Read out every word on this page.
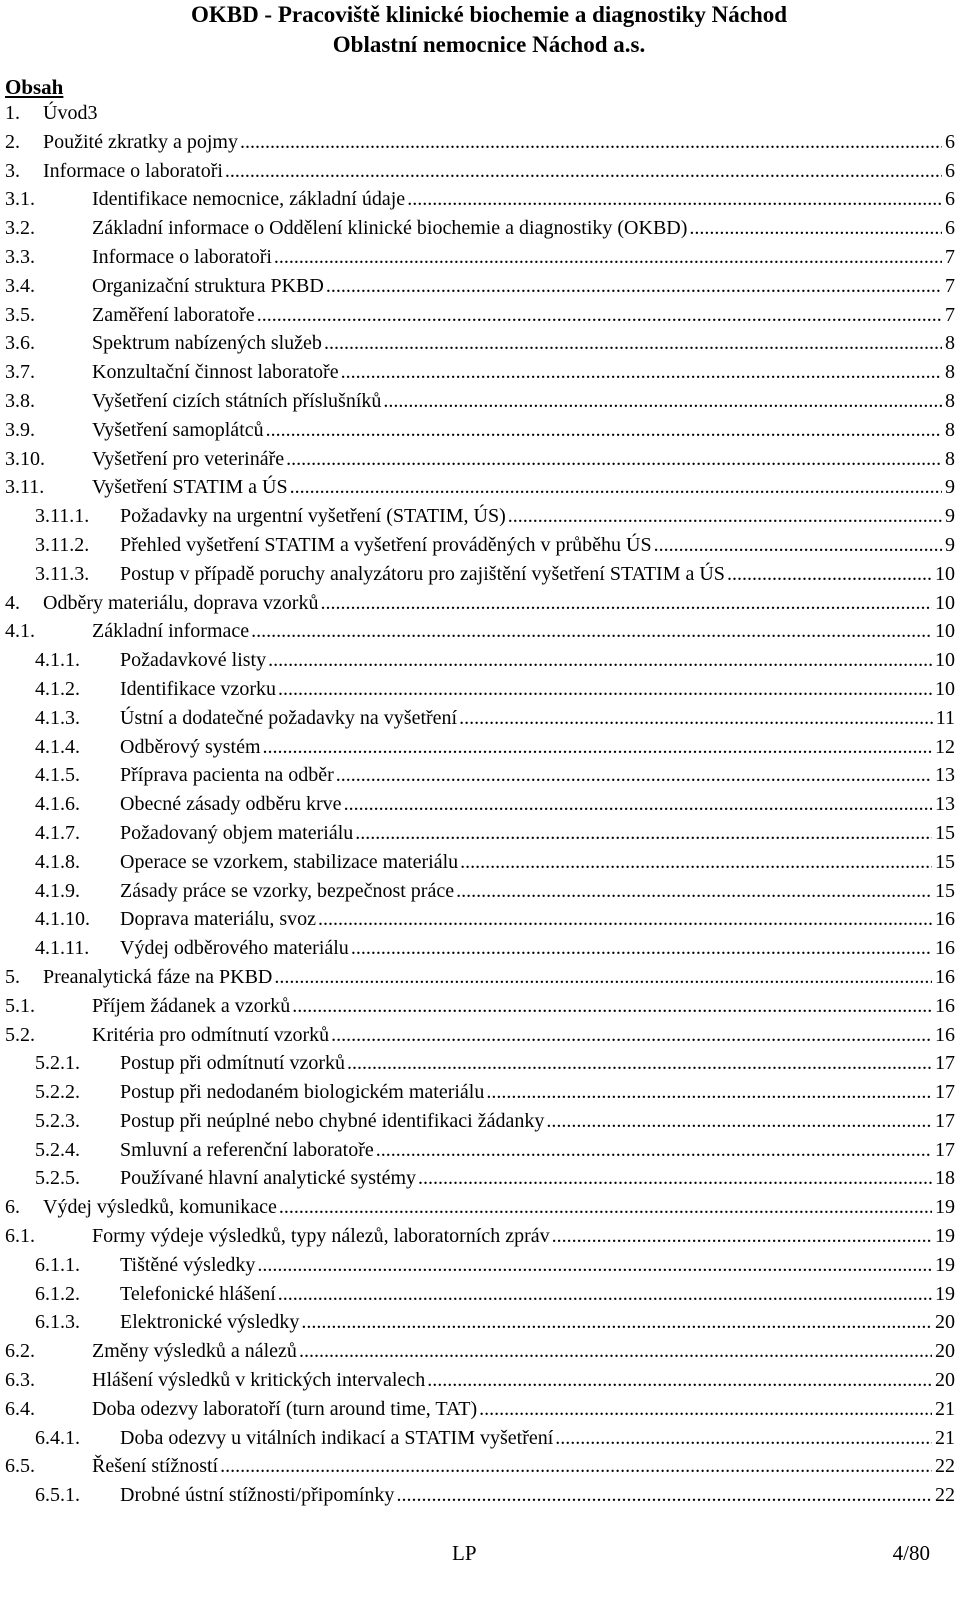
OKBD - Pracoviště klinické biochemie a diagnostiky Náchod
Oblastní nemocnice Náchod a.s.
Obsah
1. Úvod3
2. Použité zkratky a pojmy .....	6
3. Informace o laboratoři .....	6
3.1.	Identifikace nemocnice, základní údaje .....	6
3.2.	Základní informace o Oddělení klinické biochemie a diagnostiky (OKBD) .....	6
3.3.	Informace o laboratoři .....	7
3.4.	Organizační struktura PKBD .....	7
3.5.	Zaměření laboratoře .....	7
3.6.	Spektrum nabízených služeb .....	8
3.7.	Konzultační činnost laboratoře .....	8
3.8.	Vyšetření cizích státních příslušníků .....	8
3.9.	Vyšetření samoplátců .....	8
3.10. Vyšetření pro veterináře .....	8
3.11. Vyšetření STATIM a ÚS .....	9
3.11.1. Požadavky na urgentní vyšetření (STATIM, ÚS) .....	9
3.11.2. Přehled vyšetření STATIM a vyšetření prováděných v průběhu ÚS .....	9
3.11.3. Postup v případě poruchy analyzátoru pro zajištění vyšetření STATIM a ÚS .....	10
4. Odběry materiálu, doprava vzorků .....	10
4.1.	Základní informace .....	10
4.1.1. Požadavkové listy .....	10
4.1.2. Identifikace vzorku .....	10
4.1.3. Ústní a dodatečné požadavky na vyšetření .....	11
4.1.4. Odběrový systém .....	12
4.1.5. Příprava pacienta na odběr .....	13
4.1.6. Obecné zásady odběru krve .....	13
4.1.7. Požadovaný objem materiálu .....	15
4.1.8. Operace se vzorkem, stabilizace materiálu .....	15
4.1.9. Zásady práce se vzorky, bezpečnost práce .....	15
4.1.10. Doprava materiálu, svoz .....	16
4.1.11. Výdej odběrového materiálu .....	16
5. Preanalytická fáze na PKBD .....	16
5.1.	Příjem žádanek a vzorků .....	16
5.2.	Kritéria pro odmítnutí vzorků .....	16
5.2.1. Postup při odmítnutí vzorků .....	17
5.2.2. Postup při nedodaném biologickém materiálu .....	17
5.2.3. Postup při neúplné nebo chybné identifikaci žádanky .....	17
5.2.4. Smluvní a referenční laboratoře .....	17
5.2.5. Používané hlavní analytické systémy .....	18
6. Výdej výsledků, komunikace .....	19
6.1.	Formy výdeje výsledků, typy nálezů, laboratorních zpráv .....	19
6.1.1. Tištěné výsledky .....	19
6.1.2. Telefonické hlášení .....	19
6.1.3. Elektronické výsledky .....	20
6.2.	Změny výsledků a nálezů .....	20
6.3.	Hlášení výsledků v kritických intervalech .....	20
6.4.	Doba odezvy laboratoří (turn around time, TAT) .....	21
6.4.1. Doba odezvy u vitálních indikací a STATIM vyšetření .....	21
6.5.	Řešení stížností .....	22
6.5.1. Drobné ústní stížnosti/připomínky .....	22
LP	4/80
